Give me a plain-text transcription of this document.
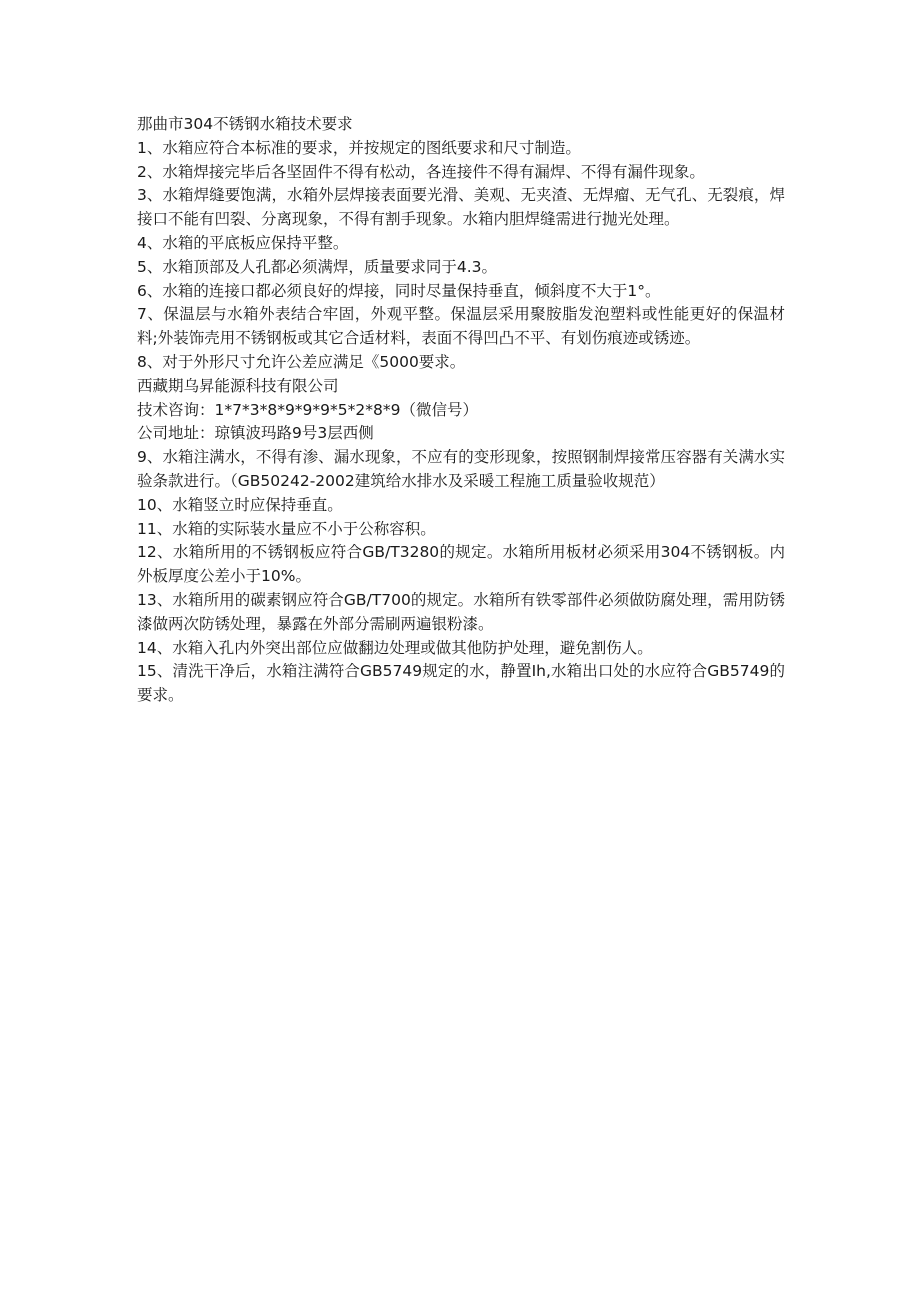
那曲市304不锈钢水箱技术要求

1、水箱应符合本标准的要求，并按规定的图纸要求和尺寸制造。

2、水箱焊接完毕后各坚固件不得有松动，各连接件不得有漏焊、不得有漏件现象。

3、水箱焊缝要饱满，水箱外层焊接表面要光滑、美观、无夹渣、无焊瘤、无气孔、无裂痕，焊接口不能有凹裂、分离现象，不得有割手现象。水箱内胆焊缝需进行抛光处理。

4、水箱的平底板应保持平整。

5、水箱顶部及人孔都必须满焊，质量要求同于4.3。

6、水箱的连接口都必须良好的焊接，同时尽量保持垂直，倾斜度不大于1°。

7、保温层与水箱外表结合牢固，外观平整。保温层采用聚胺脂发泡塑料或性能更好的保温材料;外装饰壳用不锈钢板或其它合适材料，表面不得凹凸不平、有划伤痕迹或锈迹。

8、对于外形尺寸允许公差应满足《5000要求。

西藏期乌昇能源科技有限公司

技术咨询：1*7*3*8*9*9*9*5*2*8*9（微信号）

公司地址：琼镇波玛路9号3层西侧

9、水箱注满水，不得有渗、漏水现象，不应有的变形现象，按照钢制焊接常压容器有关满水实验条款进行。（GB50242-2002建筑给水排水及采暖工程施工质量验收规范）

10、水箱竖立时应保持垂直。

11、水箱的实际装水量应不小于公称容积。

12、水箱所用的不锈钢板应符合GB/T3280的规定。水箱所用板材必须采用304不锈钢板。内外板厚度公差小于10%。

13、水箱所用的碳素钢应符合GB/T700的规定。水箱所有铁零部件必须做防腐处理，需用防锈漆做两次防锈处理，暴露在外部分需刷两遍银粉漆。

14、水箱入孔内外突出部位应做翻边处理或做其他防护处理，避免割伤人。

15、清洗干净后，水箱注满符合GB5749规定的水，静置Ih,水箱出口处的水应符合GB5749的要求。
